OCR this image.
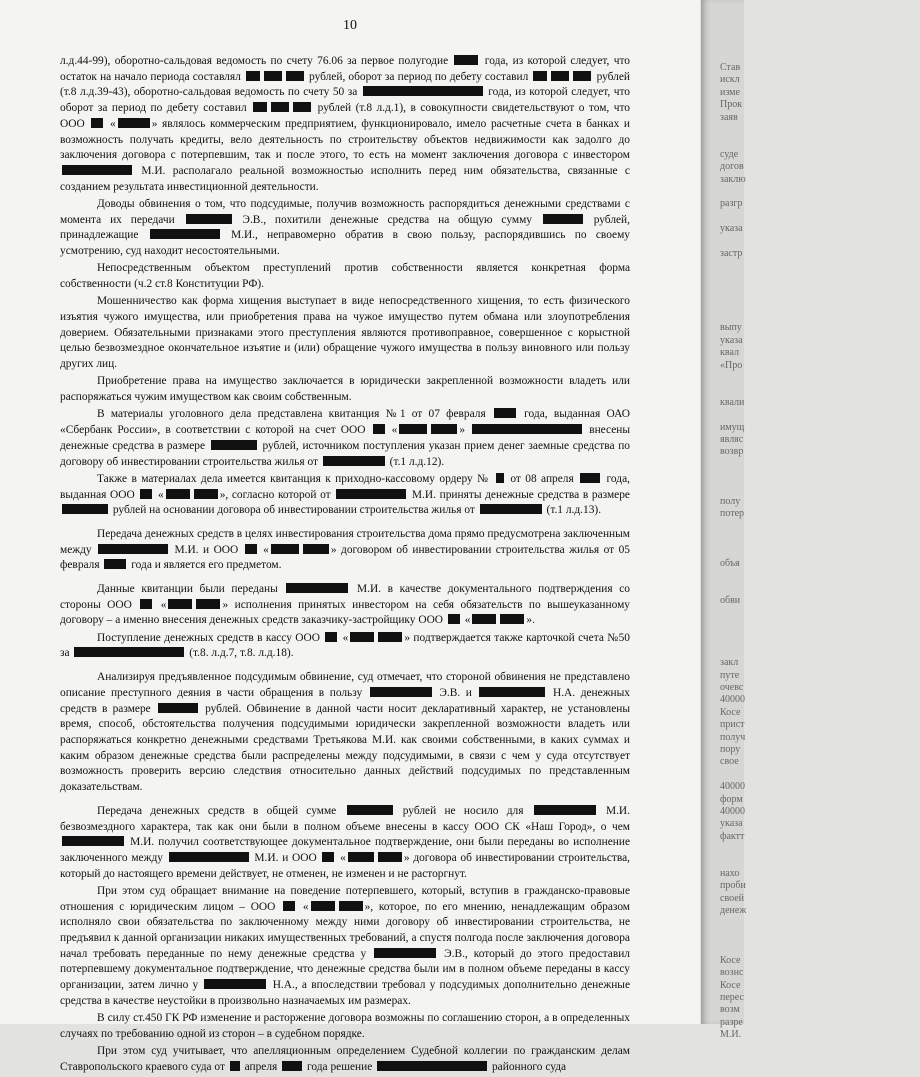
10

л.д.44-99), оборотно-сальдовая ведомость по счету 76.06 за первое полугодие  года, из которой следует, что остаток на начало периода составлял	рублей, оборот за период по дебету составил	рублей (т.8 л.д.39-43), оборотно-сальдовая ведомость по счету 50 за	года, из которой следует, что оборот за период по дебету составил	рублей (т.8 л.д.1), в совокупности свидетельствуют о том, что ООО  «	» являлось коммерческим предприятием, функционировало, имело расчетные счета в банках и возможность получать кредиты, вело деятельность по строительству объектов недвижимости как задолго до заключения договора с потерпевшим, так и после этого, то есть на момент заключения договора с инвестором  М.И. располагало реальной возможностью исполнить перед ним обязательства, связанные с созданием результата инвестиционной деятельности.

Доводы обвинения о том, что подсудимые, получив возможность распорядиться денежными средствами с момента их передачи	Э.В., похитили денежные средства на общую сумму	рублей, принадлежащие	М.И., неправомерно обратив в свою пользу, распорядившись по своему усмотрению, суд находит несостоятельными.

Непосредственным объектом преступлений против собственности является конкретная форма собственности (ч.2 ст.8 Конституции РФ).

Мошенничество как форма хищения выступает в виде непосредственного хищения, то есть физического изъятия чужого имущества, или приобретения права на чужое имущество путем обмана или злоупотребления доверием. Обязательными признаками этого преступления являются противоправное, совершенное с корыстной целью безвозмездное окончательное изъятие и (или) обращение чужого имущества в пользу виновного или пользу других лиц.

Приобретение права на имущество заключается в юридически закрепленной возможности владеть или распоряжаться чужим имуществом как своим собственным.

В материалы уголовного дела представлена квитанция №1 от 07 февраля  года, выданная ОАО «Сбербанк России», в соответствии с которой на счет ООО  «	»	внесены денежные средства в размере	рублей, источником поступления указан прием денег заемные средства по договору об инвестировании строительства жилья от	(т.1 л.д.12).

Также в материалах дела имеется квитанция к приходно-кассовому ордеру №  от 08 апреля  года, выданная ООО  «	», согласно которой от	М.И. приняты денежные средства в размере  рублей на основании договора об инвестировании строительства жилья от	(т.1 л.д.13).

Передача денежных средств в целях инвестирования строительства дома прямо предусмотрена заключенным между	М.И. и ООО  «	» договором об инвестировании строительства жилья от 05 февраля  года и является его предметом.

Данные квитанции были переданы	М.И. в качестве документального подтверждения со стороны ООО  «	» исполнения принятых инвестором на себя обязательств по вышеуказанному договору – а именно внесения денежных средств заказчику-застройщику ООО  «	».

Поступление денежных средств в кассу ООО  «	» подтверждается также карточкой счета №50 за	(т.8. л.д.7, т.8. л.д.18).

Анализируя предъявленное подсудимым обвинение, суд отмечает, что стороной обвинения не представлено описание преступного деяния в части обращения в пользу	Э.В. и	Н.А. денежных средств в размере	рублей. Обвинение в данной части носит декларативный характер, не установлены время, способ, обстоятельства получения подсудимыми юридически закрепленной возможности владеть или распоряжаться конкретно денежными средствами Третьякова М.И. как своими собственными, в каких суммах и каким образом денежные средства были распределены между подсудимыми, в связи с чем у суда отсутствует возможность проверить версию следствия относительно данных действий подсудимых по представленным доказательствам.

Передача денежных средств в общей сумме	рублей не носило для	М.И. безвозмездного характера, так как они были в полном объеме внесены в кассу ООО СК «Наш Город», о чем  М.И. получил соответствующее документальное подтверждение, они были переданы во исполнение заключенного между	М.И. и ООО  «	» договора об инвестировании строительства, который до настоящего времени действует, не отменен, не изменен и не расторгнут.

При этом суд обращает внимание на поведение потерпевшего, который, вступив в гражданско-правовые отношения с юридическим лицом – ООО  «	», которое, по его мнению, ненадлежащим образом исполняло свои обязательства по заключенному между ними договору об инвестировании строительства, не предъявил к данной организации никаких имущественных требований, а спустя полгода после заключения договора начал требовать переданные по нему денежные средства у	Э.В., который до этого предоставил потерпевшему документальное подтверждение, что денежные средства были им в полном объеме переданы в кассу организации, затем лично у	Н.А., а впоследствии требовал у подсудимых дополнительно денежные средства в качестве неустойки в произвольно назначаемых им размерах.

В силу ст.450 ГК РФ изменение и расторжение договора возможны по соглашению сторон, а в определенных случаях по требованию одной из сторон – в судебном порядке.

При этом суд учитывает, что апелляционным определением Судебной коллегии по гражданским делам Ставропольского краевого суда от  апреля  года решение	районного суда

Став
искл
изме
Прок
заяв
суде
догов
заклю
разгр
указа
застр
выпу
указа
квал
«Про
квали
имущ
являс
возвр
полу
потер
объя
обви
закл
путе
очевс
40000
Косе
прист
получ
пору
свое
40000
форм
40000
указа
фактт
нахо
проби
своей
денеж
Косе
вознс
Косе
перес
возм
разре
М.И.
